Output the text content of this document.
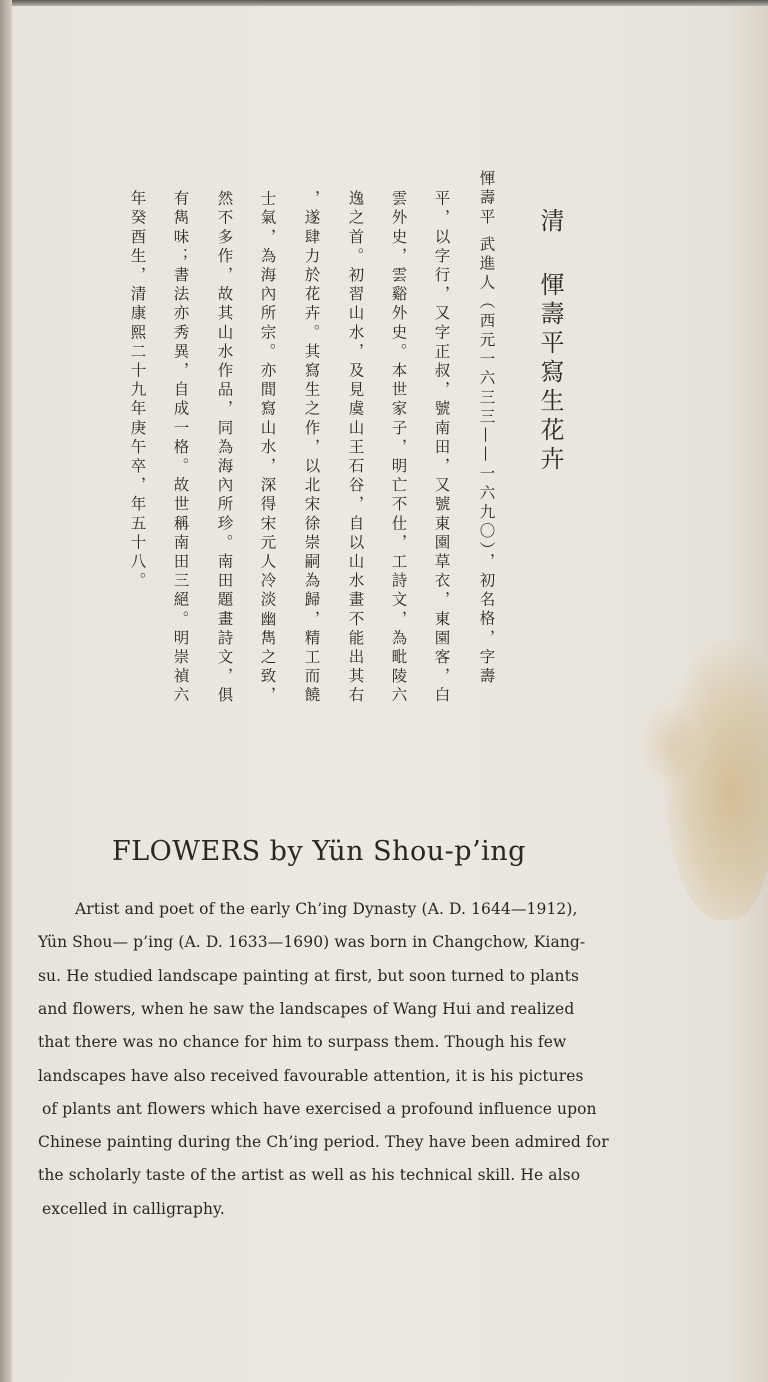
清
惲壽平寫生花卉
惲壽平 武進人（西元一六三三——一六九〇），初名格，字壽
平，以字行，又字正叔，號南田，又號東園草衣，東園客，白
雲外史，雲谿外史。本世家子，明亡不仕，工詩文，為毗陵六
逸之首。初習山水，及見虞山王石谷，自以山水畫不能出其右
，遂肆力於花卉。其寫生之作，以北宋徐崇嗣為歸，精工而饒
士氣，為海內所宗。亦間寫山水，深得宋元人冷淡幽雋之致，
然不多作，故其山水作品，同為海內所珍。南田題畫詩文，俱
有雋味；書法亦秀異，自成一格。故世稱南田三絕。明崇禎六
年癸酉生，清康熙二十九年庚午卒，年五十八。
FLOWERS by Yün Shou-p’ing
Artist and poet of the early Ch’ing Dynasty (A. D. 1644—1912),
Yün Shou— p’ing (A. D. 1633—1690) was born in Changchow, Kiang-
su. He studied landscape painting at first, but soon turned to plants
and flowers, when he saw the landscapes of Wang Hui and realized
that there was no chance for him to surpass them. Though his few
landscapes have also received favourable attention, it is his pictures
of plants ant flowers which have exercised a profound influence upon
Chinese painting during the Ch’ing period. They have been admired for
the scholarly taste of the artist as well as his technical skill. He also
excelled in calligraphy.
